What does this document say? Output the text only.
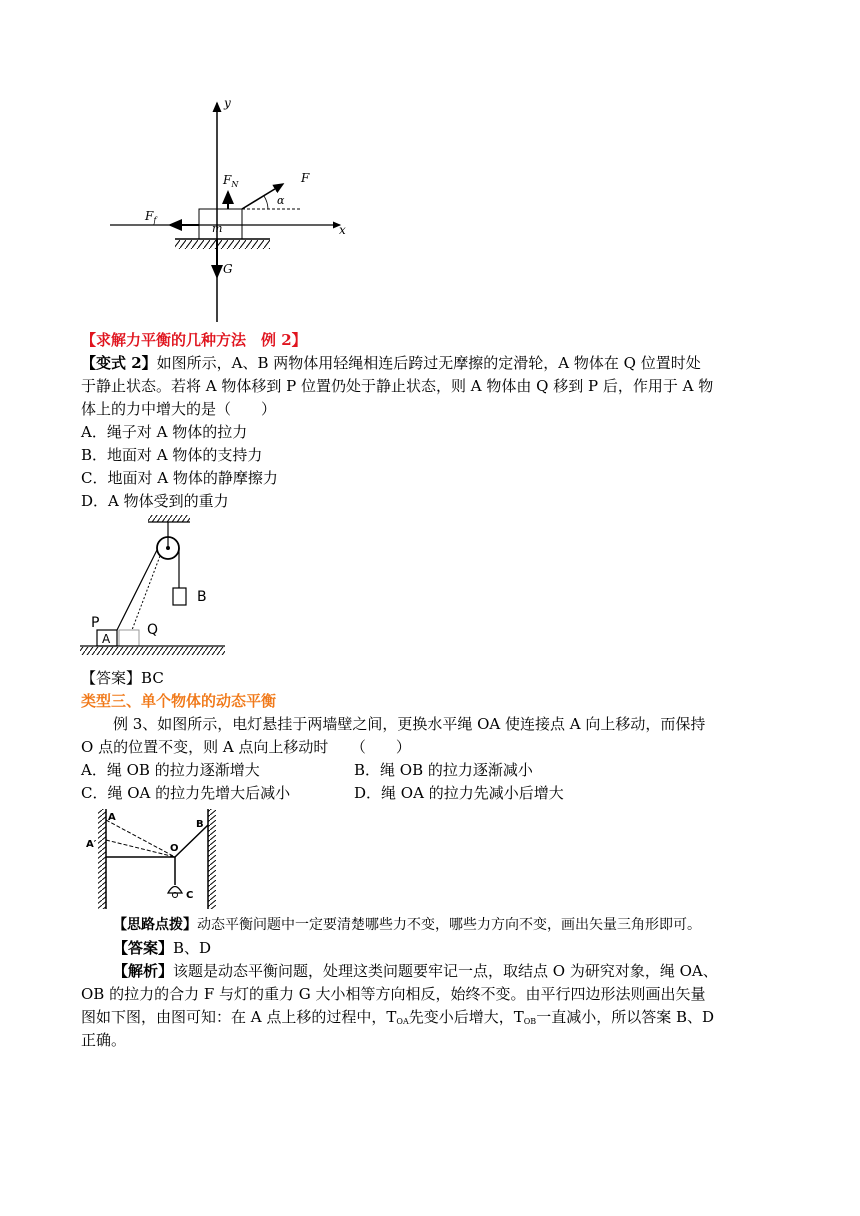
y
x
$F_N$	F
α
$F_f$
m
G
【求解力平衡的几种方法　例 2】
【变式 2】如图所示，A、B 两物体用轻绳相连后跨过无摩擦的定滑轮，A 物体在 Q 位置时处
于静止状态。若将 A 物体移到 P 位置仍处于静止状态，则 A 物体由 Q 移到 P 后，作用于 A 物
体上的力中增大的是（　　）
A．绳子对 A 物体的拉力
B．地面对 A 物体的支持力
C．地面对 A 物体的静摩擦力
D．A 物体受到的重力
P
A
Q
B
【答案】BC
类型三、单个物体的动态平衡
例 3、如图所示，电灯悬挂于两墙壁之间，更换水平绳 OA 使连接点 A 向上移动，而保持
O 点的位置不变，则 A 点向上移动时　　（　　）
A．绳 OB 的拉力逐渐增大	B．绳 OB 的拉力逐渐减小
C．绳 OA 的拉力先增大后减小	D．绳 OA 的拉力先减小后增大
A
A′	O
B
C
【思路点拨】动态平衡问题中一定要清楚哪些力不变，哪些力方向不变，画出矢量三角形即可。
【答案】B、D
【解析】该题是动态平衡问题，处理这类问题要牢记一点，取结点 O 为研究对象，绳 OA、
OB 的拉力的合力 F 与灯的重力 G 大小相等方向相反，始终不变。由平行四边形法则画出矢量
图如下图，由图可知：在 A 点上移的过程中，$T_{OA}$先变小后增大，$T_{OB}$一直减小，所以答案 B、D
正确。
